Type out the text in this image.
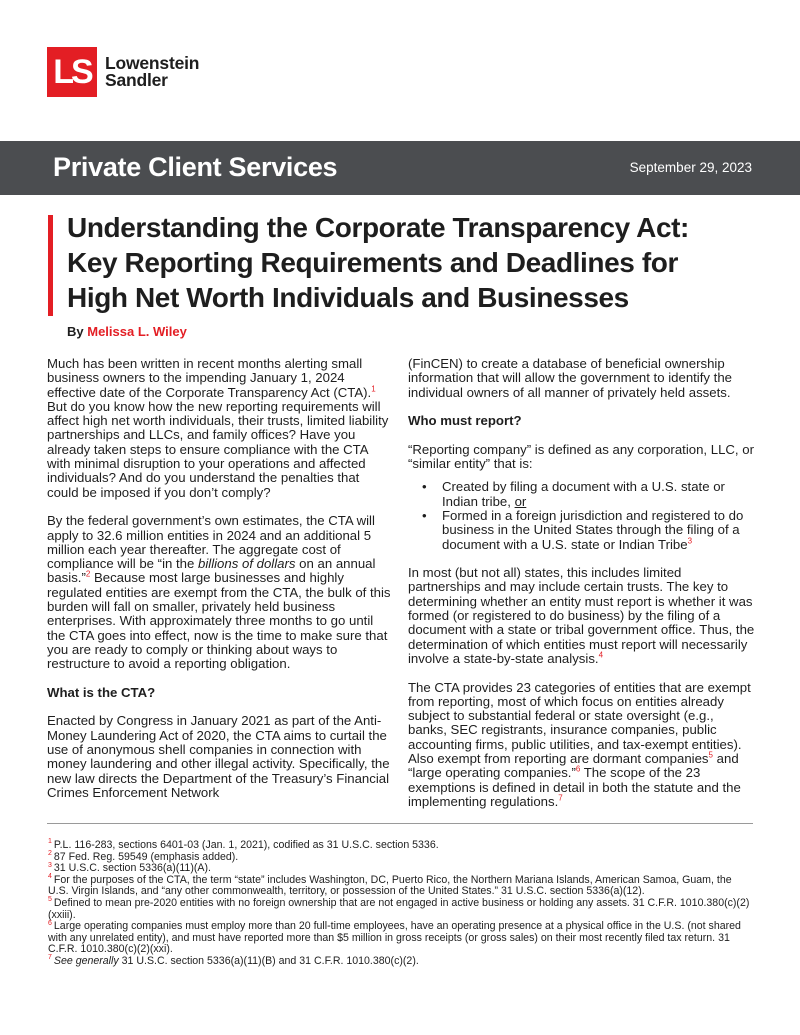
LS Lowenstein
Sandler
Private Client Services	September 29, 2023
Understanding the Corporate Transparency Act:
Key Reporting Requirements and Deadlines for
High Net Worth Individuals and Businesses
By Melissa L. Wiley

Much has been written in recent months alerting small business owners to the impending January 1, 2024 effective date of the Corporate Transparency Act (CTA).$^1$ But do you know how the new reporting requirements will affect high net worth individuals, their trusts, limited liability partnerships and LLCs, and family offices? Have you already taken steps to ensure compliance with the CTA with minimal disruption to your operations and affected individuals? And do you understand the penalties that could be imposed if you don’t comply?

By the federal government’s own estimates, the CTA will apply to 32.6 million entities in 2024 and an additional 5 million each year thereafter. The aggregate cost of compliance will be “in the billions of dollars on an annual basis.”$^2$ Because most large businesses and highly regulated entities are exempt from the CTA, the bulk of this burden will fall on smaller, privately held business enterprises. With approximately three months to go until the CTA goes into effect, now is the time to make sure that you are ready to comply or thinking about ways to restructure to avoid a reporting obligation.

What is the CTA?

Enacted by Congress in January 2021 as part of the Anti-Money Laundering Act of 2020, the CTA aims to curtail the use of anonymous shell companies in connection with money laundering and other illegal activity. Specifically, the new law directs the Department of the Treasury’s Financial Crimes Enforcement Network

(FinCEN) to create a database of beneficial ownership information that will allow the government to identify the individual owners of all manner of privately held assets.

Who must report?

“Reporting company” is defined as any corporation, LLC, or “similar entity” that is:

• Created by filing a document with a U.S. state or Indian tribe, or
• Formed in a foreign jurisdiction and registered to do business in the United States through the filing of a document with a U.S. state or Indian Tribe$^3$

In most (but not all) states, this includes limited partnerships and may include certain trusts. The key to determining whether an entity must report is whether it was formed (or registered to do business) by the filing of a document with a state or tribal government office. Thus, the determination of which entities must report will necessarily involve a state-by-state analysis.$^4$

The CTA provides 23 categories of entities that are exempt from reporting, most of which focus on entities already subject to substantial federal or state oversight (e.g., banks, SEC registrants, insurance companies, public accounting firms, public utilities, and tax-exempt entities). Also exempt from reporting are dormant companies$^5$ and “large operating companies.”$^6$ The scope of the 23 exemptions is defined in detail in both the statute and the implementing regulations.$^7$

$^1$ P.L. 116-283, sections 6401-03 (Jan. 1, 2021), codified as 31 U.S.C. section 5336.
$^2$ 87 Fed. Reg. 59549 (emphasis added).
$^3$ 31 U.S.C. section 5336(a)(11)(A).
$^4$ For the purposes of the CTA, the term “state” includes Washington, DC, Puerto Rico, the Northern Mariana Islands, American Samoa, Guam, the U.S. Virgin Islands, and “any other commonwealth, territory, or possession of the United States.” 31 U.S.C. section 5336(a)(12).
$^5$ Defined to mean pre-2020 entities with no foreign ownership that are not engaged in active business or holding any assets. 31 C.F.R. 1010.380(c)(2)(xxiii).
$^6$ Large operating companies must employ more than 20 full-time employees, have an operating presence at a physical office in the U.S. (not shared with any unrelated entity), and must have reported more than $5 million in gross receipts (or gross sales) on their most recently filed tax return. 31 C.F.R. 1010.380(c)(2)(xxi).
$^7$ See generally 31 U.S.C. section 5336(a)(11)(B) and 31 C.F.R. 1010.380(c)(2).
